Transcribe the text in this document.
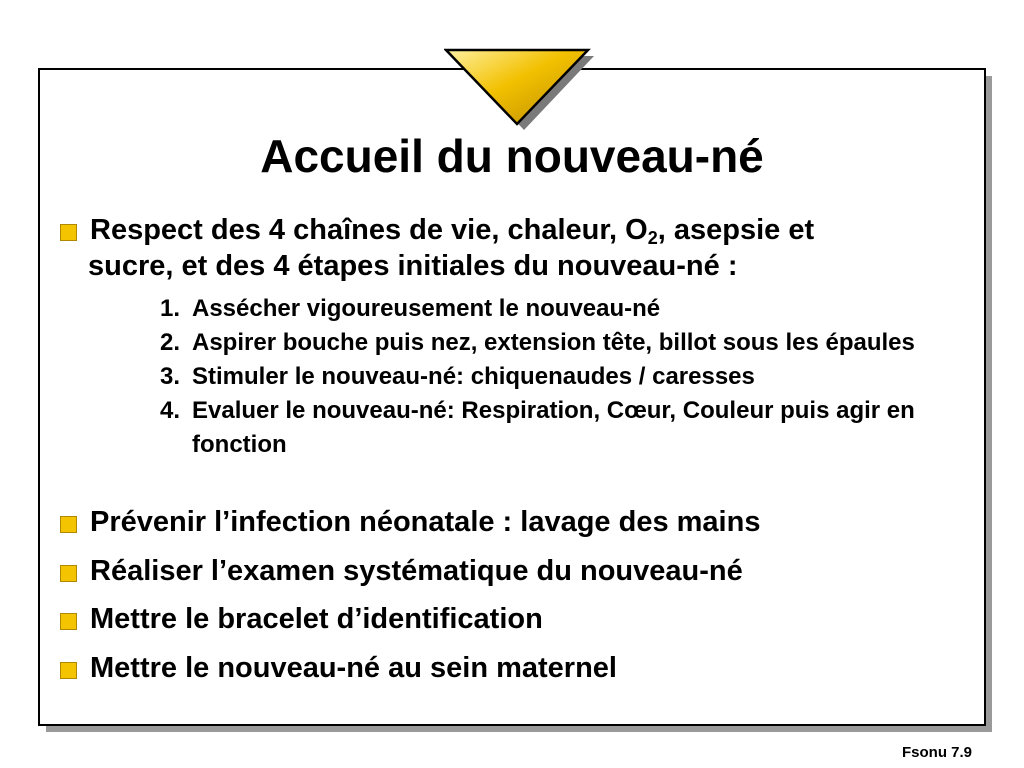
Accueil du nouveau-né
Respect des 4 chaînes de vie, chaleur, $O_2$, asepsie et
sucre, et des 4 étapes initiales du nouveau-né :
1. Assécher vigoureusement le nouveau-né
2. Aspirer bouche puis nez, extension tête, billot sous les épaules
3. Stimuler le nouveau-né: chiquenaudes / caresses
4. Evaluer le nouveau-né: Respiration, Cœur, Couleur puis agir en fonction
Prévenir l’infection néonatale : lavage des mains
Réaliser l’examen systématique du nouveau-né
Mettre le bracelet d’identification
Mettre le nouveau-né au sein maternel
Fsonu 7.9
